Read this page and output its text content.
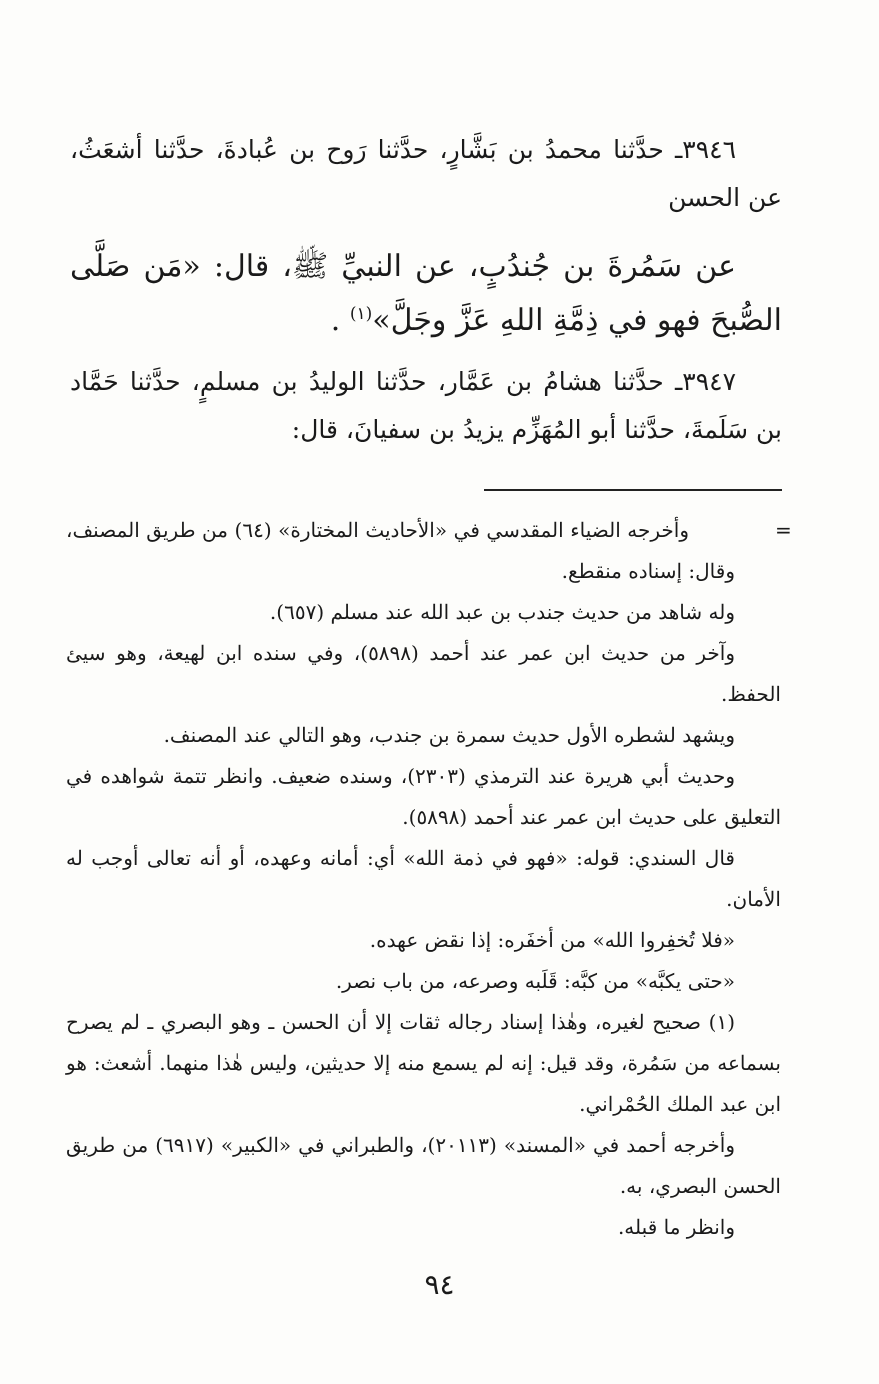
٣٩٤٦ـ حدَّثنا محمدُ بن بَشَّارٍ، حدَّثنا رَوح بن عُبادةَ، حدَّثنا أشعَثُ، عن الحسن

عن سَمُرةَ بن جُندُبٍ، عن النبيِّ ﷺ، قال: «مَن صَلَّى الصُّبحَ فهو في ذِمَّةِ اللهِ عَزَّ وجَلَّ»$^{(١)}$ .

٣٩٤٧ـ حدَّثنا هشامُ بن عَمَّار، حدَّثنا الوليدُ بن مسلمٍ، حدَّثنا حَمَّاد بن سَلَمةَ، حدَّثنا أبو المُهَزِّم يزيدُ بن سفيانَ، قال:

=

وأخرجه الضياء المقدسي في «الأحاديث المختارة» (٦٤) من طريق المصنف، وقال: إسناده منقطع.

وله شاهد من حديث جندب بن عبد الله عند مسلم (٦٥٧).

وآخر من حديث ابن عمر عند أحمد (٥٨٩٨)، وفي سنده ابن لهيعة، وهو سيئ الحفظ.

ويشهد لشطره الأول حديث سمرة بن جندب، وهو التالي عند المصنف.

وحديث أبي هريرة عند الترمذي (٢٣٠٣)، وسنده ضعيف. وانظر تتمة شواهده في التعليق على حديث ابن عمر عند أحمد (٥٨٩٨).

قال السندي: قوله: «فهو في ذمة الله» أي: أمانه وعهده، أو أنه تعالى أوجب له الأمان.

«فلا تُخفِروا الله» من أخفَره: إذا نقض عهده.

«حتى يكبَّه» من كبَّه: قَلَبه وصرعه، من باب نصر.

(١) صحيح لغيره، وهٰذا إسناد رجاله ثقات إلا أن الحسن ـ وهو البصري ـ لم يصرح بسماعه من سَمُرة، وقد قيل: إنه لم يسمع منه إلا حديثين، وليس هٰذا منهما. أشعث: هو ابن عبد الملك الحُمْراني.

وأخرجه أحمد في «المسند» (٢٠١١٣)، والطبراني في «الكبير» (٦٩١٧) من طريق الحسن البصري، به.

وانظر ما قبله.

٩٤
